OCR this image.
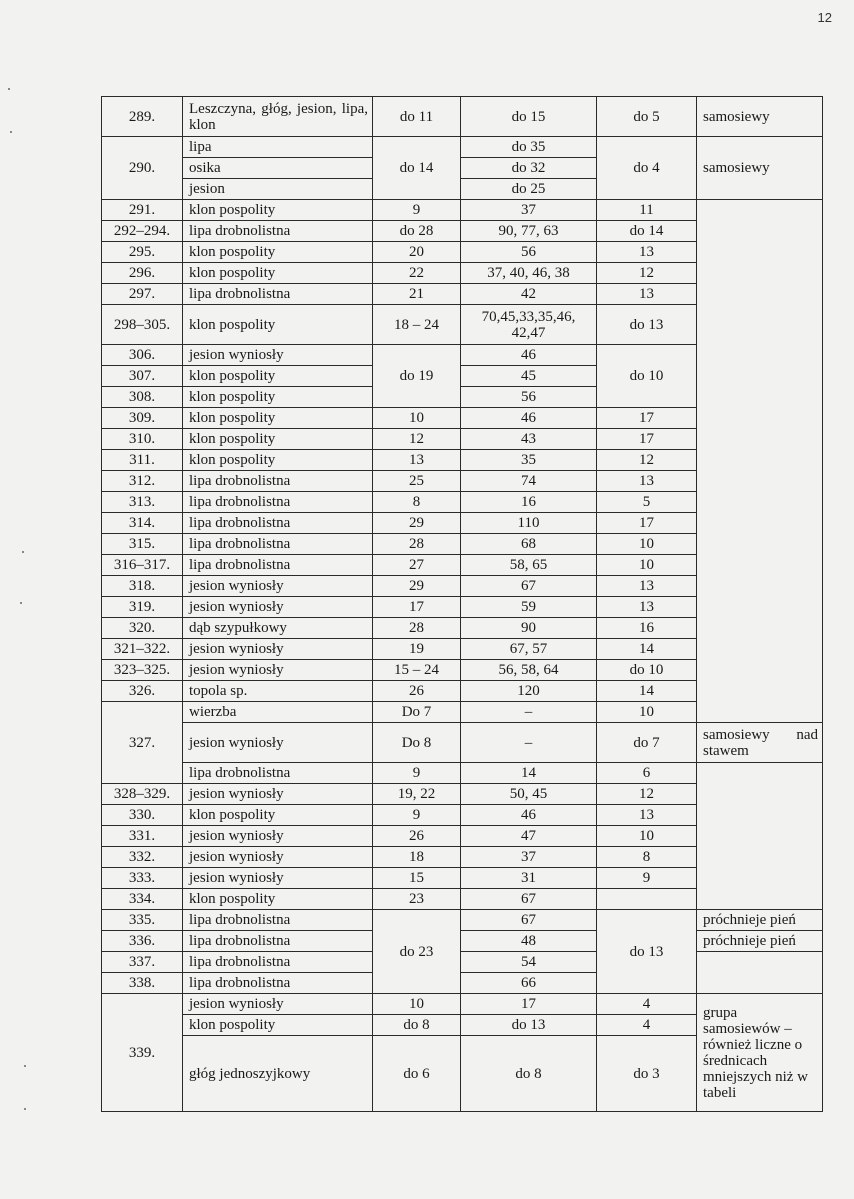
12
289.	Leszczyna, głóg, jesion, lipa, klon	do 11	do 15	do 5	samosiewy
290.	lipa	do 14	do 35	do 4	samosiewy
	osika		do 32		
	jesion		do 25		
291.	klon pospolity	9	37	11	
292–294.	lipa drobnolistna	do 28	90, 77, 63	do 14	
295.	klon pospolity	20	56	13	
296.	klon pospolity	22	37, 40, 46, 38	12	
297.	lipa drobnolistna	21	42	13	
298–305.	klon pospolity	18 – 24	70,45,33,35,46, 42,47	do 13	
306.	jesion wyniosły	do 19	46	do 10	
307.	klon pospolity		45		
308.	klon pospolity		56		
309.	klon pospolity	10	46	17	
310.	klon pospolity	12	43	17	
311.	klon pospolity	13	35	12	
312.	lipa drobnolistna	25	74	13	
313.	lipa drobnolistna	8	16	5	
314.	lipa drobnolistna	29	110	17	
315.	lipa drobnolistna	28	68	10	
316–317.	lipa drobnolistna	27	58, 65	10	
318.	jesion wyniosły	29	67	13	
319.	jesion wyniosły	17	59	13	
320.	dąb szypułkowy	28	90	16	
321–322.	jesion wyniosły	19	67, 57	14	
323–325.	jesion wyniosły	15 – 24	56, 58, 64	do 10	
326.	topola sp.	26	120	14	
327.	wierzba	Do 7	–	10	
	jesion wyniosły	Do 8	–	do 7	samosiewy nad stawem
	lipa drobnolistna	9	14	6	
328–329.	jesion wyniosły	19, 22	50, 45	12	
330.	klon pospolity	9	46	13	
331.	jesion wyniosły	26	47	10	
332.	jesion wyniosły	18	37	8	
333.	jesion wyniosły	15	31	9	
334.	klon pospolity	23	67		
335.	lipa drobnolistna	do 23	67	do 13	próchnieje pień
336.	lipa drobnolistna		48		próchnieje pień
337.	lipa drobnolistna		54		
338.	lipa drobnolistna		66		
339.	jesion wyniosły	10	17	4	grupa samosiewów – również liczne o średnicach mniejszych niż w tabeli
	klon pospolity	do 8	do 13	4	
	głóg jednoszyjkowy	do 6	do 8	do 3	
